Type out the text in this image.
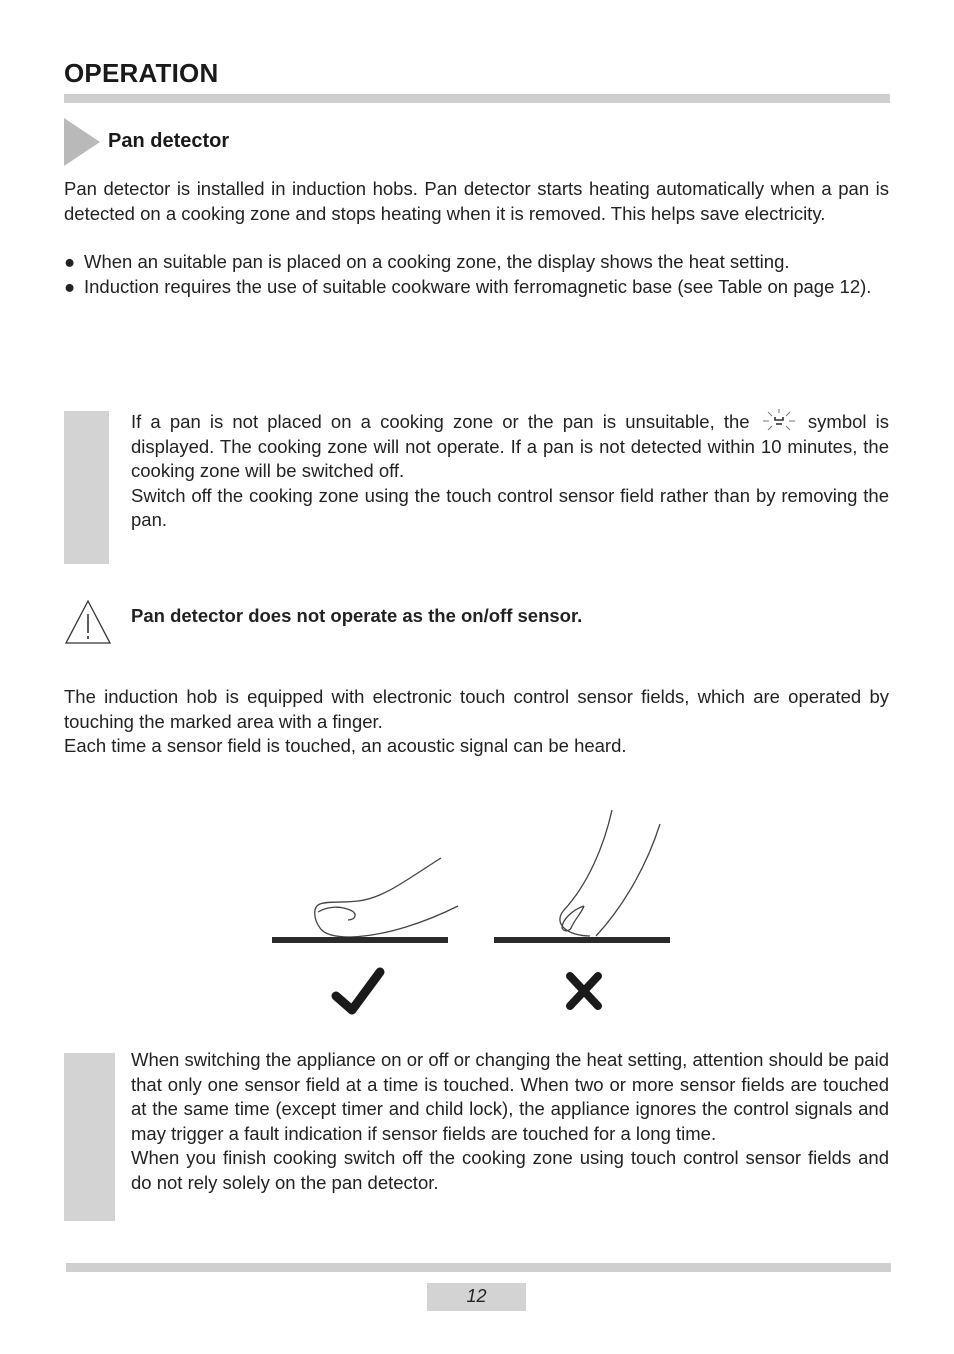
OPERATION
Pan detector

Pan detector is installed in induction hobs. Pan detector starts heating automatically when a pan is detected on a cooking zone and stops heating when it is removed. This helps save electricity.

● When an suitable pan is placed on a cooking zone, the display shows the heat setting.
● Induction requires the use of suitable cookware with ferromagnetic base (see Table on page 12).

If a pan is not placed on a cooking zone or the pan is unsuitable, the	symbol is displayed. The cooking zone will not operate. If a pan is not detected within 10 minutes, the cooking zone will be switched off.

Switch off the cooking zone using the touch control sensor field rather than by removing the pan.

Pan detector does not operate as the on/off sensor.

The induction hob is equipped with electronic touch control sensor fields, which are operated by touching the marked area with a finger.

Each time a sensor field is touched, an acoustic signal can be heard.

When switching the appliance on or off or changing the heat setting, attention should be paid that only one sensor field at a time is touched. When two or more sensor fields are touched at the same time (except timer and child lock), the appliance ignores the control signals and may trigger a fault indication if sensor fields are touched for a long time.

When you finish cooking switch off the cooking zone using touch control sensor fields and do not rely solely on the pan detector.

12
